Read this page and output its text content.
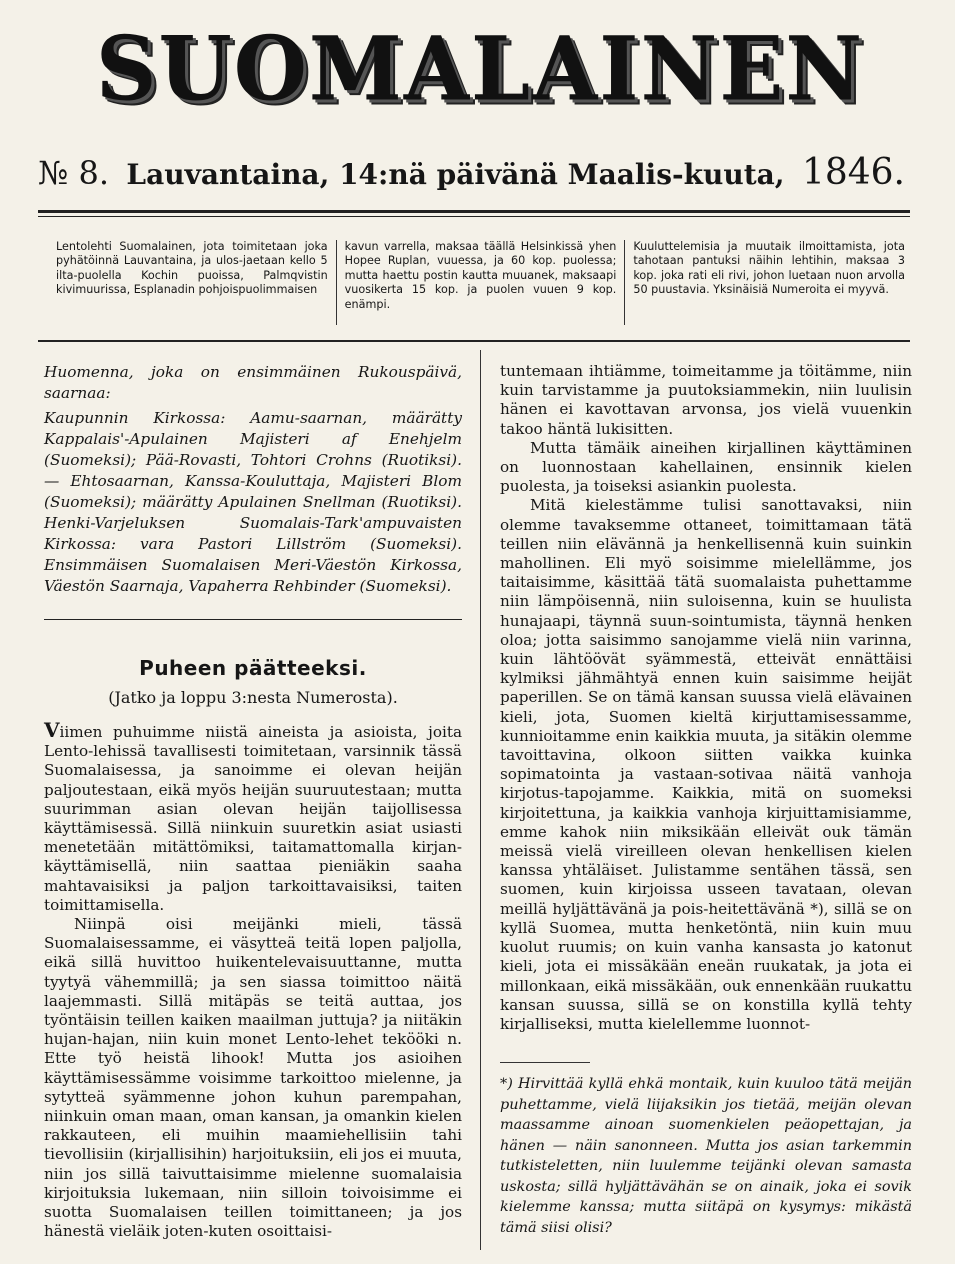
SUOMALAINEN
№ 8. Lauvantaina, 14:nä päivänä Maalis-kuuta, 1846.
Lentolehti Suomalainen, jota toimitetaan joka pyhätöinnä Lauvantaina, ja ulos-jaetaan kello 5 ilta-puolella Kochin puoissa, Palmqvistin kivimuurissa, Esplanadin pohjoispuolimmaisen
kavun varrella, maksaa täällä Helsinkissä yhen Hopee Ruplan, vuuessa, ja 60 kop. puolessa; mutta haettu postin kautta muuanek, maksaapi vuosikerta 15 kop. ja puolen vuuen 9 kop. enämpi.
Kuuluttelemisia ja muutaik ilmoittamista, jota tahotaan pantuksi näihin lehtihin, maksaa 3 kop. joka rati eli rivi, johon luetaan nuon arvolla 50 puustavia. Yksinäisiä Numeroita ei myyvä.

Huomenna, joka on ensimmäinen Rukouspäivä, saarnaa:

Kaupunnin Kirkossa: Aamu-saarnan, määrätty Kappalais'-Apulainen Majisteri af Enehjelm (Suomeksi); Pää-Rovasti, Tohtori Crohns (Ruotiksi). — Ehtosaarnan, Kanssa-Kouluttaja, Majisteri Blom (Suomeksi); määrätty Apulainen Snellman (Ruotiksi). Henki-Varjeluksen Suomalais-Tark'ampuvaisten Kirkossa: vara Pastori Lillström (Suomeksi). Ensimmäisen Suomalaisen Meri-Väestön Kirkossa, Väestön Saarnaja, Vapaherra Rehbinder (Suomeksi).

Puheen päätteeksi.
(Jatko ja loppu 3:nesta Numerosta).

Viimen puhuimme niistä aineista ja asioista, joita Lento-lehissä tavallisesti toimitetaan, varsinnik tässä Suomalaisessa, ja sanoimme ei olevan heijän paljoutestaan, eikä myös heijän suuruutestaan; mutta suurimman asian olevan heijän taijollisessa käyttämisessä. Sillä niinkuin suuretkin asiat usiasti menetetään mitättömiksi, taitamattomalla kirjan-käyttämisellä, niin saattaa pieniäkin saaha mahtavaisiksi ja paljon tarkoittavaisiksi, taiten toimittamisella.

Niinpä oisi meijänki mieli, tässä Suomalaisessamme, ei väsytteä teitä lopen paljolla, eikä sillä huvittoo huikentelevaisuuttanne, mutta tyytyä vähemmillä; ja sen siassa toimittoo näitä laajemmasti. Sillä mitäpäs se teitä auttaa, jos työntäisin teillen kaiken maailman juttuja? ja niitäkin hujan-hajan, niin kuin monet Lento-lehet tekööki n. Ette työ heistä lihook! Mutta jos asioihen käyttämisessämme voisimme tarkoittoo mielenne, ja sytytteä syämmenne johon kuhun parempahan, niinkuin oman maan, oman kansan, ja omankin kielen rakkauteen, eli muihin maamiehellisiin tahi tievollisiin (kirjallisihin) harjoituksiin, eli jos ei muuta, niin jos sillä taivuttaisimme mielenne suomalaisia kirjoituksia lukemaan, niin silloin toivoisimme ei suotta Suomalaisen teillen toimittaneen; ja jos hänestä vieläik joten-kuten osoittaisi-

tuntemaan ihtiämme, toimeitamme ja töitämme, niin kuin tarvistamme ja puutoksiammekin, niin luulisin hänen ei kavottavan arvonsa, jos vielä vuuenkin takoo häntä lukisitten.

Mutta tämäik aineihen kirjallinen käyttäminen on luonnostaan kahellainen, ensinnik kielen puolesta, ja toiseksi asiankin puolesta.

Mitä kielestämme tulisi sanottavaksi, niin olemme tavaksemme ottaneet, toimittamaan tätä teillen niin elävännä ja henkellisennä kuin suinkin mahollinen. Eli myö soisimme mielellämme, jos taitaisimme, käsittää tätä suomalaista puhettamme niin lämpöisennä, niin suloisenna, kuin se huulista hunajaapi, täynnä suun-sointumista, täynnä henken oloa; jotta saisimmo sanojamme vielä niin varinna, kuin lähtöövät syämmestä, etteivät ennättäisi kylmiksi jähmähtyä ennen kuin saisimme heijät paperillen. Se on tämä kansan suussa vielä elävainen kieli, jota, Suomen kieltä kirjuttamisessamme, kunnioitamme enin kaikkia muuta, ja sitäkin olemme tavoittavina, olkoon siitten vaikka kuinka sopimatointa ja vastaan-sotivaa näitä vanhoja kirjotus-tapojamme. Kaikkia, mitä on suomeksi kirjoitettuna, ja kaikkia vanhoja kirjuittamisiamme, emme kahok niin miksikään elleivät ouk tämän meissä vielä vireilleen olevan henkellisen kielen kanssa yhtäläiset. Julistamme sentähen tässä, sen suomen, kuin kirjoissa usseen tavataan, olevan meillä hyljättävänä ja pois-heitettävänä *), sillä se on kyllä Suomea, mutta henketöntä, niin kuin muu kuolut ruumis; on kuin vanha kansasta jo katonut kieli, jota ei missäkään eneän ruukatak, ja jota ei millonkaan, eikä missäkään, ouk ennenkään ruukattu kansan suussa, sillä se on konstilla kyllä tehty kirjalliseksi, mutta kielellemme luonnot-

*) Hirvittää kyllä ehkä montaik, kuin kuuloo tätä meijän puhettamme, vielä liijaksikin jos tietää, meijän olevan maassamme ainoan suomenkielen peäopettajan, ja hänen — näin sanonneen. Mutta jos asian tarkemmin tutkisteletten, niin luulemme teijänki olevan samasta uskosta; sillä hyljättävähän se on ainaik, joka ei sovik kielemme kanssa; mutta siitäpä on kysymys: mikästä tämä siisi olisi?
